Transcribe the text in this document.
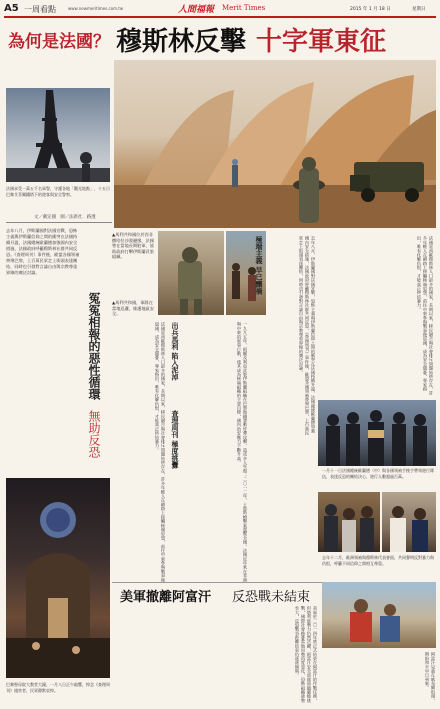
A5 一周看點	www.newmeritimes.com.tw	人間福報 Merit Times	2015 年 1 月 18 日	星期日
為何是法國？ 穆斯林反擊 十字軍東征
法國承受一萬五千名軍警，守護各地「觀光地點」，十五日巴黎艾菲爾鐵塔下的遊客與安全警察。
文／戴定國　圖／法新社．路透
去年八月，伊斯蘭國對法國宣戰，恐怖主義與伊斯蘭信仰之間的衝突在法國持續升溫，法國總統歐蘭德加強國內安全措施，法國政府呼籲穆斯林社群共同反恐。《查理周刊》事件後，歐盟各國領袖齊聚巴黎，上百萬民眾走上街頭表達團結，同時也引發對言論自由與宗教尊重界線的廣泛討論。
冤冤相報的惡性循環
無助反恐
巴黎聖母院大教堂大鐘，一月八日正午敲響，悼念《查理周刊》遇害者，民眾靜默哀悼。
▲馬利共和國位於西非撒哈拉沙漠邊緣，法國曾在當地長期駐軍，協助政府打擊伊斯蘭武裝組織。
▲馬利共和國，軍隊在當地巡邏，維護地區安全。
出兵馬利 陷入泥淖
查理周刊 極度挑釁
極端主義 早已釀禍
法國是西歐穆斯林人口最多的國家，長期以來，移民融合與社會排斥問題始終存在，許多年輕人在網路上接觸極端思想，前往中東參與戰事後返國，成為安全隱憂，專家指出，唯有化解仇恨，才能真正終結暴力。	一九九五年，阿爾及利亞武裝伊斯蘭組織在巴黎地鐵發動炸彈攻擊，造成多人死傷；二〇一二年，土魯斯槍擊案震驚全國。法國近年來在非洲與中東的軍事行動，使其成為極端組織的主要目標，國內治安壓力不斷升高。	去年八月，伊斯蘭國對法國宣戰，恐怖主義與伊斯蘭信仰之間的衝突在法國持續升溫，法國總統歐蘭德加強國內安全措施，法國政府呼籲穆斯林社群共同反恐。《查理周刊》事件後，歐盟各國領袖齊聚巴黎，上百萬民眾走上街頭表達團結，同時也引發對言論自由與宗教尊重界線的廣泛討論。	法國是西歐穆斯林人口最多的國家，長期以來，移民融合與社會排斥問題始終存在，許多年輕人在網路上接觸極端思想，前往中東參與戰事後返國，成為安全隱憂，專家指出，唯有化解仇恨，才能真正終結暴力。
一月十一日法國總統歐蘭德（中）與各國領袖手挽手帶領遊行隊伍，表達反恐的團結決心，遊行人數超過百萬。
去年十二月，歐洲領袖與穆斯林代表會面，共同聲明反對暴力與仇恨，呼籲不同信仰之間相互尊重。
美軍撤離阿富汗 反恐戰未結束
美軍於二〇一四年底正式結束在阿富汗的作戰任務，但塔利班勢力仍然活躍，阿富汗安全部隊面臨嚴峻挑戰，國際社會擔憂當地局勢再度惡化，恐怖組織趁勢坐大，反恐戰爭距離結束仍遙遙無期。	阿富汗兒童在喀布爾街頭，期盼和平早日到來。
